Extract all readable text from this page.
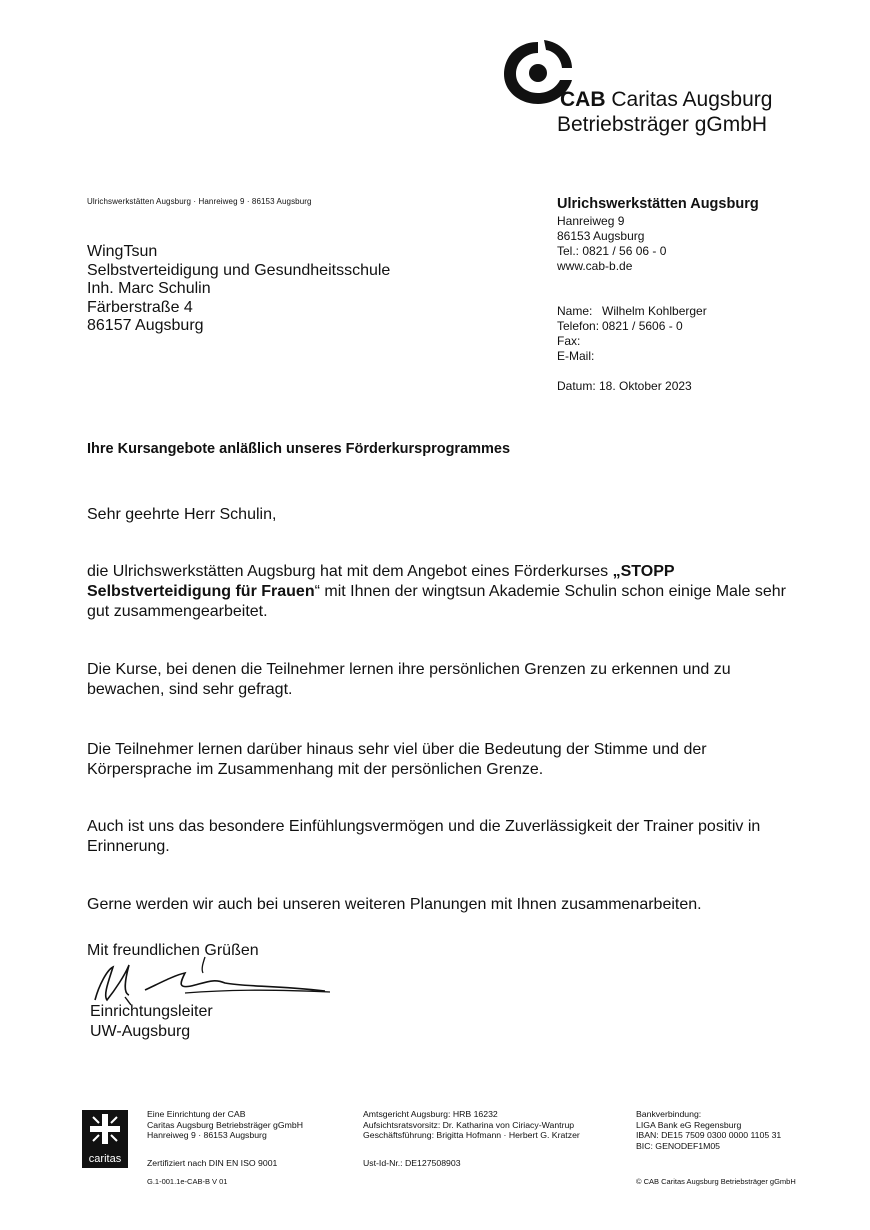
CAB Caritas Augsburg
Betriebsträger gGmbH
Ulrichswerkstätten Augsburg · Hanreiweg 9 · 86153 Augsburg
WingTsun
Selbstverteidigung und Gesundheitsschule
Inh. Marc Schulin
Färberstraße 4
86157 Augsburg
Ulrichswerkstätten Augsburg
Hanreiweg 9
86153 Augsburg
Tel.: 0821 / 56 06 - 0
www.cab-b.de
Name: Wilhelm Kohlberger
Telefon: 0821 / 5606 - 0
Fax:
E-Mail:
Datum: 18. Oktober 2023
Ihre Kursangebote anläßlich unseres Förderkursprogrammes
Sehr geehrte Herr Schulin,
die Ulrichswerkstätten Augsburg hat mit dem Angebot eines Förderkurses „STOPP Selbstverteidigung für Frauen“ mit Ihnen der wingtsun Akademie Schulin schon einige Male sehr gut zusammengearbeitet.
Die Kurse, bei denen die Teilnehmer lernen ihre persönlichen Grenzen zu erkennen und zu bewachen, sind sehr gefragt.
Die Teilnehmer lernen darüber hinaus sehr viel über die Bedeutung der Stimme und der Körpersprache im Zusammenhang mit der persönlichen Grenze.
Auch ist uns das besondere Einfühlungsvermögen und die Zuverlässigkeit der Trainer positiv in Erinnerung.
Gerne werden wir auch bei unseren weiteren Planungen mit Ihnen zusammenarbeiten.
Mit freundlichen Grüßen
Einrichtungsleiter
UW-Augsburg
caritas
Eine Einrichtung der CAB
Caritas Augsburg Betriebsträger gGmbH
Hanreiweg 9 · 86153 Augsburg
Zertifiziert nach DIN EN ISO 9001
Amtsgericht Augsburg: HRB 16232
Aufsichtsratsvorsitz: Dr. Katharina von Ciriacy-Wantrup
Geschäftsführung: Brigitta Hofmann · Herbert G. Kratzer
Ust-Id-Nr.: DE127508903
Bankverbindung:
LIGA Bank eG Regensburg
IBAN: DE15 7509 0300 0000 1105 31
BIC: GENODEF1M05
G.1-001.1e-CAB-B V 01	© CAB Caritas Augsburg Betriebsträger gGmbH
